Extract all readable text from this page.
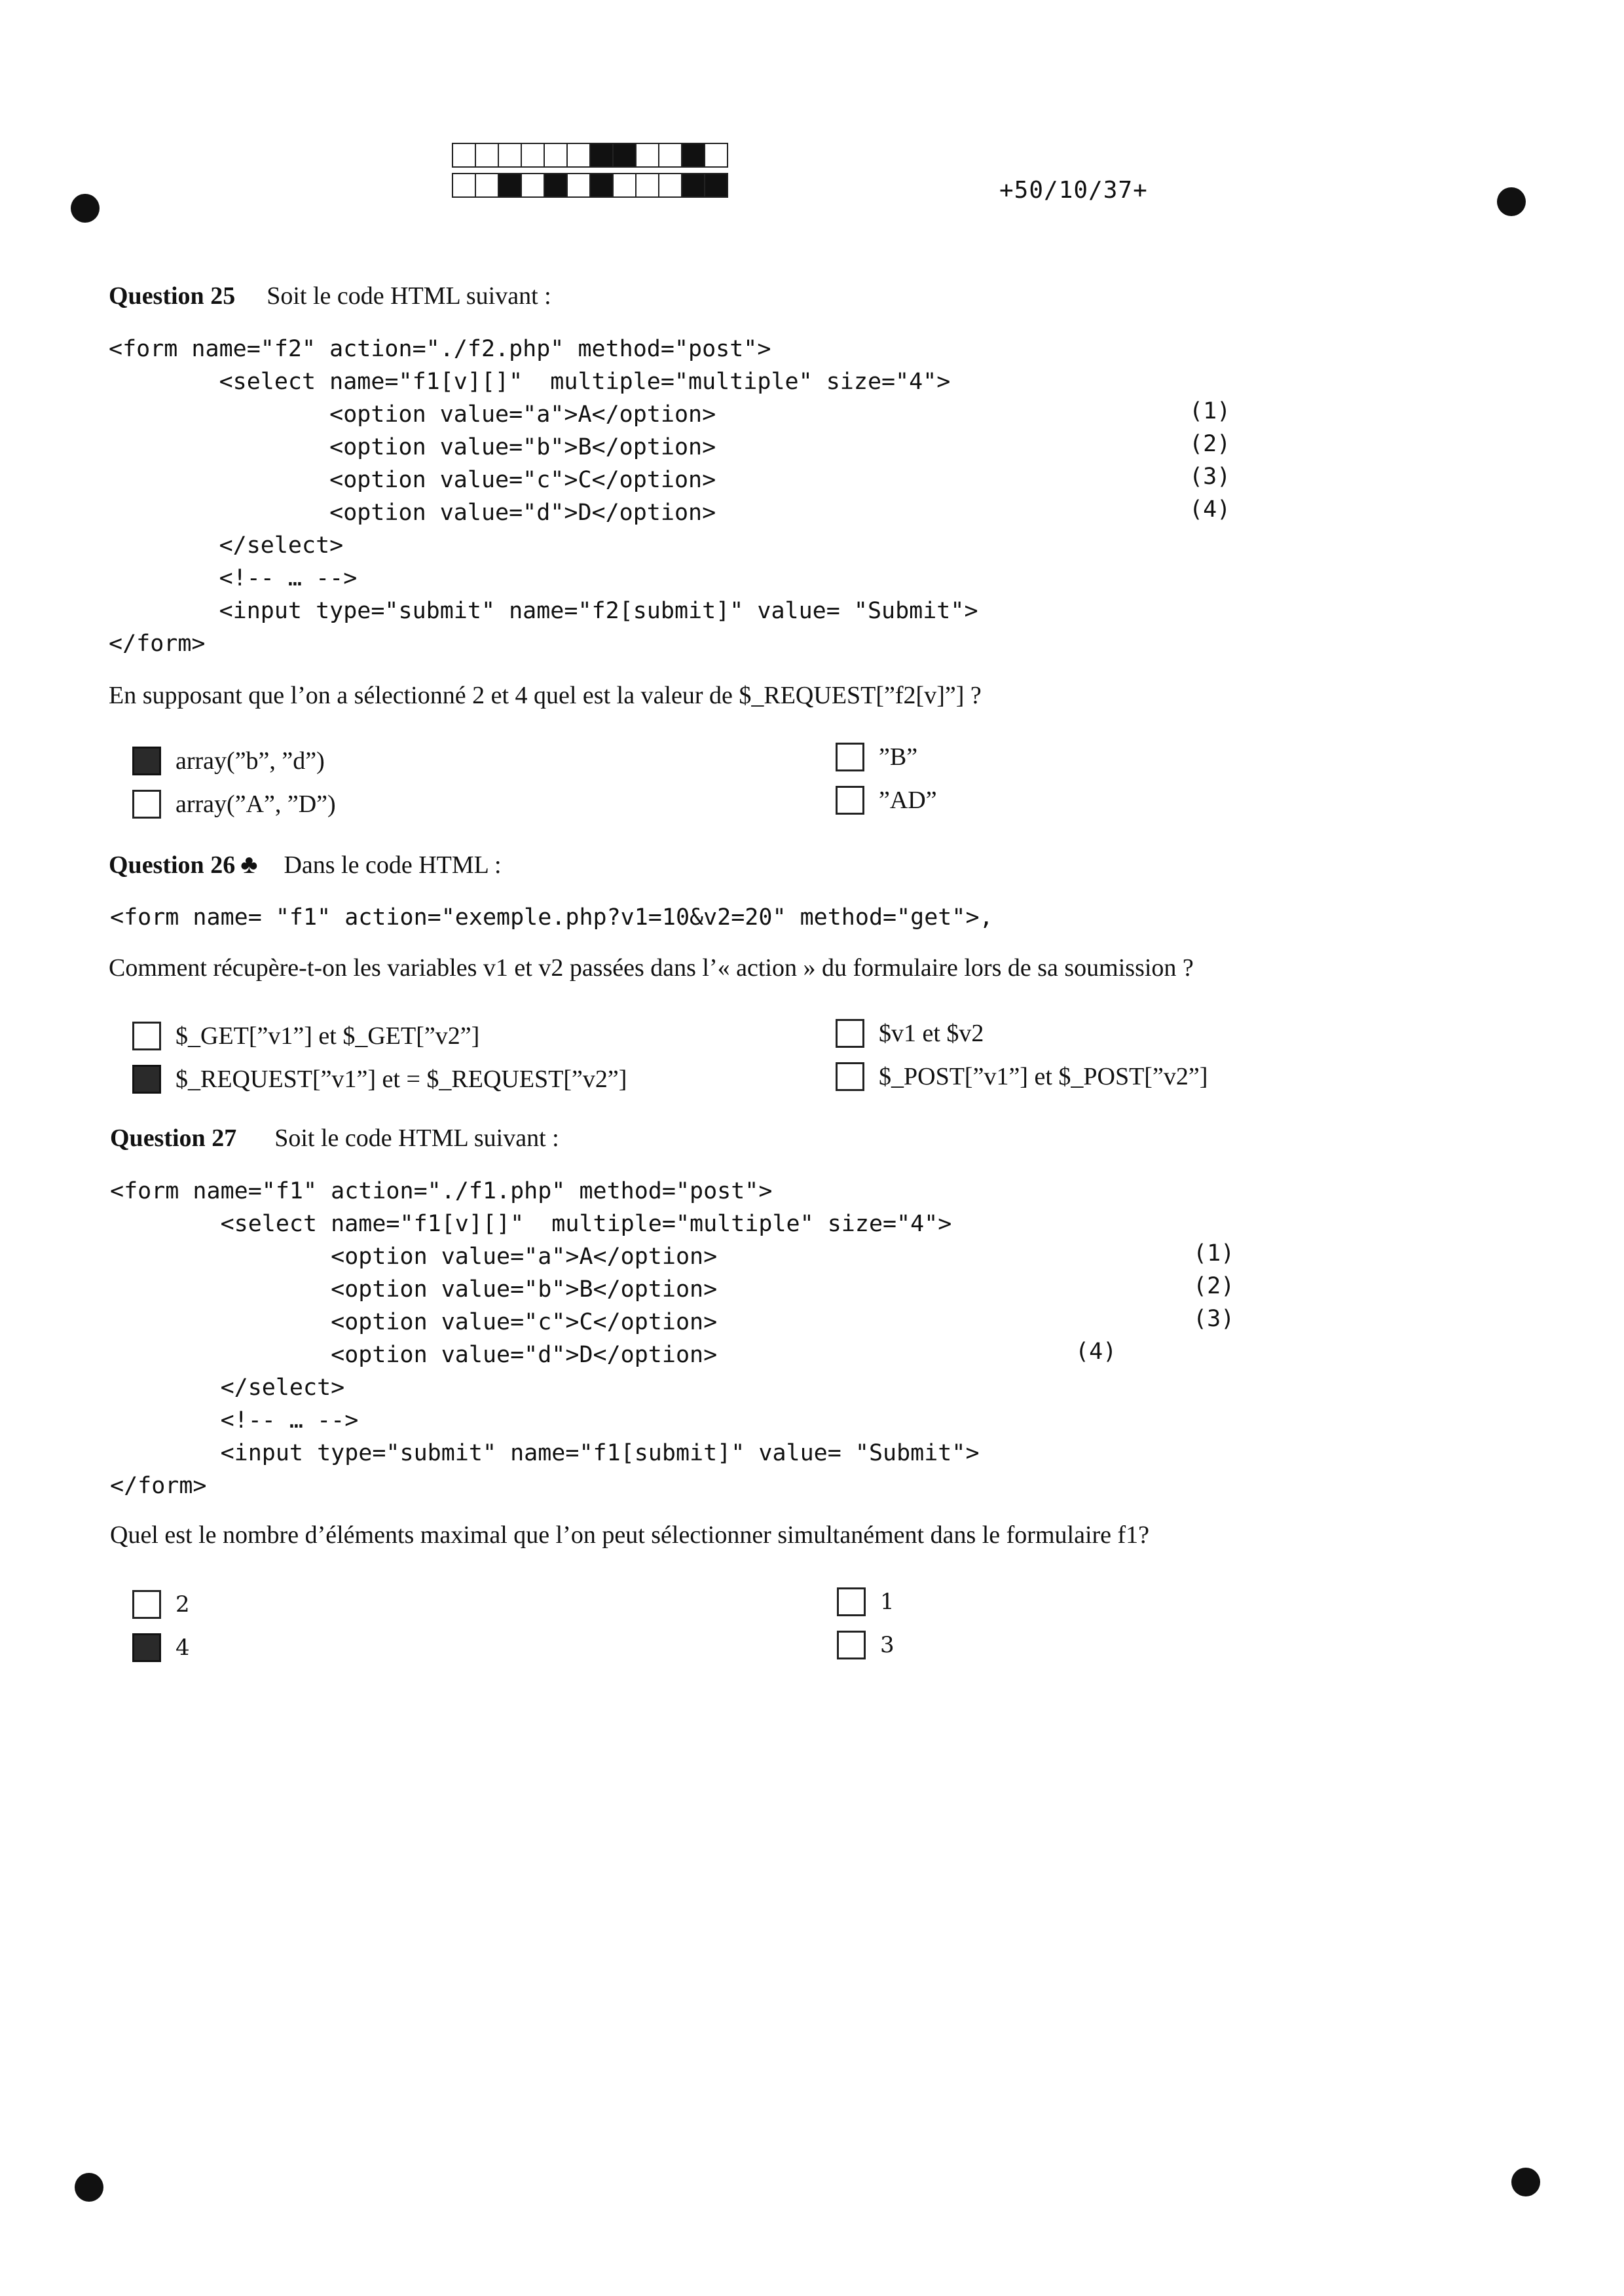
+50/10/37+
Question 25 Soit le code HTML suivant :
<form name="f2" action="./f2.php" method="post">
<select name="f1[v][]"  multiple="multiple" size="4">
<option value="a">A</option>
<option value="b">B</option>
<option value="c">C</option>
<option value="d">D</option>
</select>
<!-- … -->
<input type="submit" name="f2[submit]" value= "Submit">
</form>
(1)
(2)
(3)
(4)
En supposant que l’on a sélectionné 2 et 4 quel est la valeur de $_REQUEST[”f2[v]”] ?
array(”b”, ”d”)
array(”A”, ”D”)
”B”
”AD”
Question 26 ♣ Dans le code HTML :
<form name= "f1" action="exemple.php?v1=10&v2=20" method="get">,
Comment récupère-t-on les variables v1 et v2 passées dans l’« action » du formulaire lors de sa soumission ?
$_GET[”v1”] et $_GET[”v2”]
$_REQUEST[”v1”] et = $_REQUEST[”v2”]
$v1 et $v2
$_POST[”v1”] et $_POST[”v2”]
Question 27 Soit le code HTML suivant :
<form name="f1" action="./f1.php" method="post">
<select name="f1[v][]"  multiple="multiple" size="4">
<option value="a">A</option>
<option value="b">B</option>
<option value="c">C</option>
<option value="d">D</option>
</select>
<!-- … -->
<input type="submit" name="f1[submit]" value= "Submit">
</form>
(1)
(2)
(3)
(4)
Quel est le nombre d’éléments maximal que l’on peut sélectionner simultanément dans le formulaire f1?
2
4
1
3
